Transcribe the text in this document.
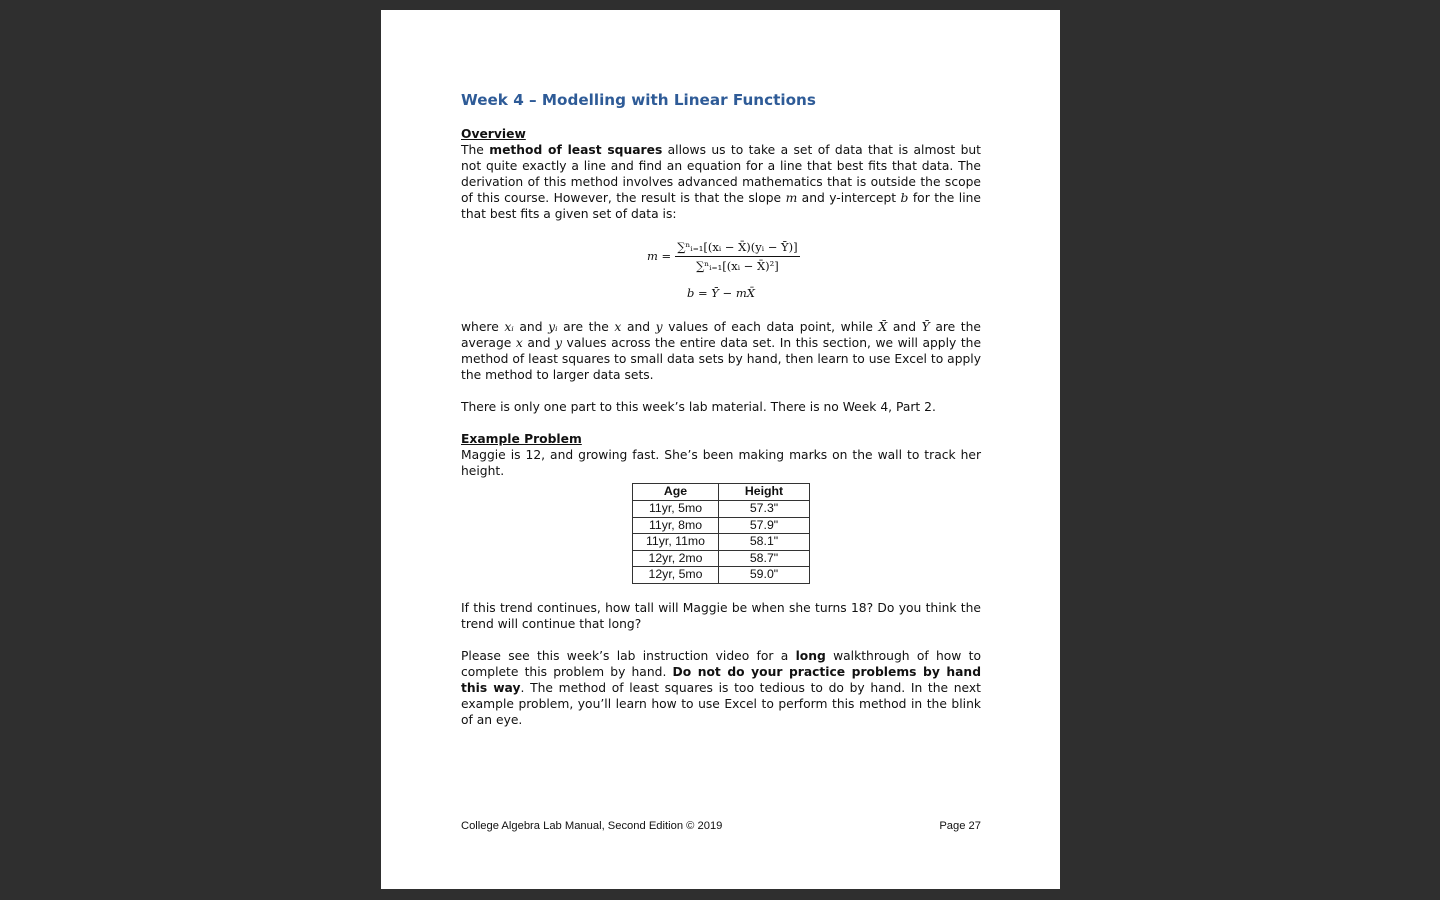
Week 4 – Modelling with Linear Functions
Overview

The method of least squares allows us to take a set of data that is almost but not quite exactly a line and find an equation for a line that best fits that data. The derivation of this method involves advanced mathematics that is outside the scope of this course. However, the result is that the slope m and y-intercept b for the line that best fits a given set of data is:

$m = \frac{\text{∑ⁿᵢ₌₁[(xᵢ − X̄)(yᵢ − Ȳ)]}}{\text{∑ⁿᵢ₌₁[(xᵢ − X̄)²]}}$
b = Ȳ − mX̄

where xᵢ and yᵢ are the x and y values of each data point, while X̄ and Ȳ are the average x and y values across the entire data set. In this section, we will apply the method of least squares to small data sets by hand, then learn to use Excel to apply the method to larger data sets.

There is only one part to this week’s lab material. There is no Week 4, Part 2.

Example Problem

Maggie is 12, and growing fast. She’s been making marks on the wall to track her height.

Age	Height
11yr, 5mo	57.3"
11yr, 8mo	57.9"
11yr, 11mo	58.1"
12yr, 2mo	58.7"
12yr, 5mo	59.0"

If this trend continues, how tall will Maggie be when she turns 18? Do you think the trend will continue that long?

Please see this week’s lab instruction video for a long walkthrough of how to complete this problem by hand. Do not do your practice problems by hand this way. The method of least squares is too tedious to do by hand. In the next example problem, you’ll learn how to use Excel to perform this method in the blink of an eye.

College Algebra Lab Manual, Second Edition © 2019	Page 27
